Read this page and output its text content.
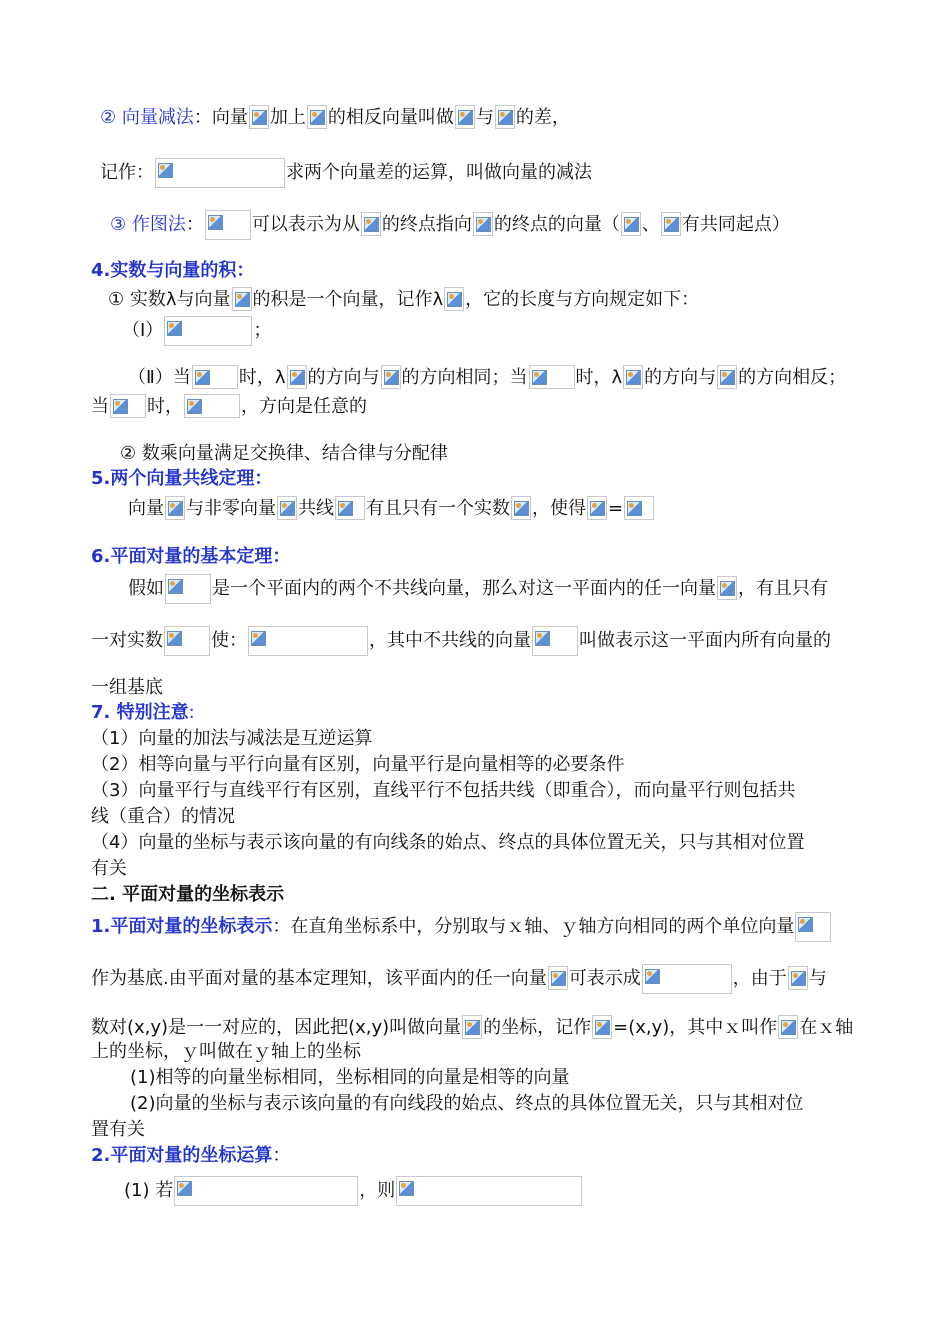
② 向量减法：向量 加上 的相反向量叫做 与 的差，
记作：	求两个向量差的运算，叫做向量的减法
③ 作图法：	可以表示为从 的终点指向 的终点的向量（ 、 有共同起点）
4.实数与向量的积：
① 实数λ与向量 的积是一个向量，记作λ ，它的长度与方向规定如下：
（Ⅰ）	；
（Ⅱ）当	时，λ 的方向与 的方向相同；当	时，λ 的方向与 的方向相反；
当 时，	，方向是任意的
② 数乘向量满足交换律、结合律与分配律
5.两个向量共线定理：
向量 与非零向量 共线 有且只有一个实数 ，使得 =
6.平面对量的基本定理：
假如	是一个平面内的两个不共线向量，那么对这一平面内的任一向量 ，有且只有
一对实数	使：	，其中不共线的向量	叫做表示这一平面内所有向量的
一组基底
7. 特别注意:
（1）向量的加法与减法是互逆运算
（2）相等向量与平行向量有区别，向量平行是向量相等的必要条件
（3）向量平行与直线平行有区别，直线平行不包括共线（即重合），而向量平行则包括共
线（重合）的情况
（4）向量的坐标与表示该向量的有向线条的始点、终点的具体位置无关，只与其相对位置
有关
二. 平面对量的坐标表示
1.平面对量的坐标表示：在直角坐标系中，分别取与ｘ轴、ｙ轴方向相同的两个单位向量
作为基底.由平面对量的基本定理知，该平面内的任一向量 可表示成	，由于 与
数对(x,y)是一一对应的，因此把(x,y)叫做向量 的坐标，记作 =(x,y)，其中ｘ叫作 在ｘ轴
上的坐标，ｙ叫做在ｙ轴上的坐标
(1)相等的向量坐标相同，坐标相同的向量是相等的向量
(2)向量的坐标与表示该向量的有向线段的始点、终点的具体位置无关，只与其相对位
置有关
2.平面对量的坐标运算：
(1) 若	，则
